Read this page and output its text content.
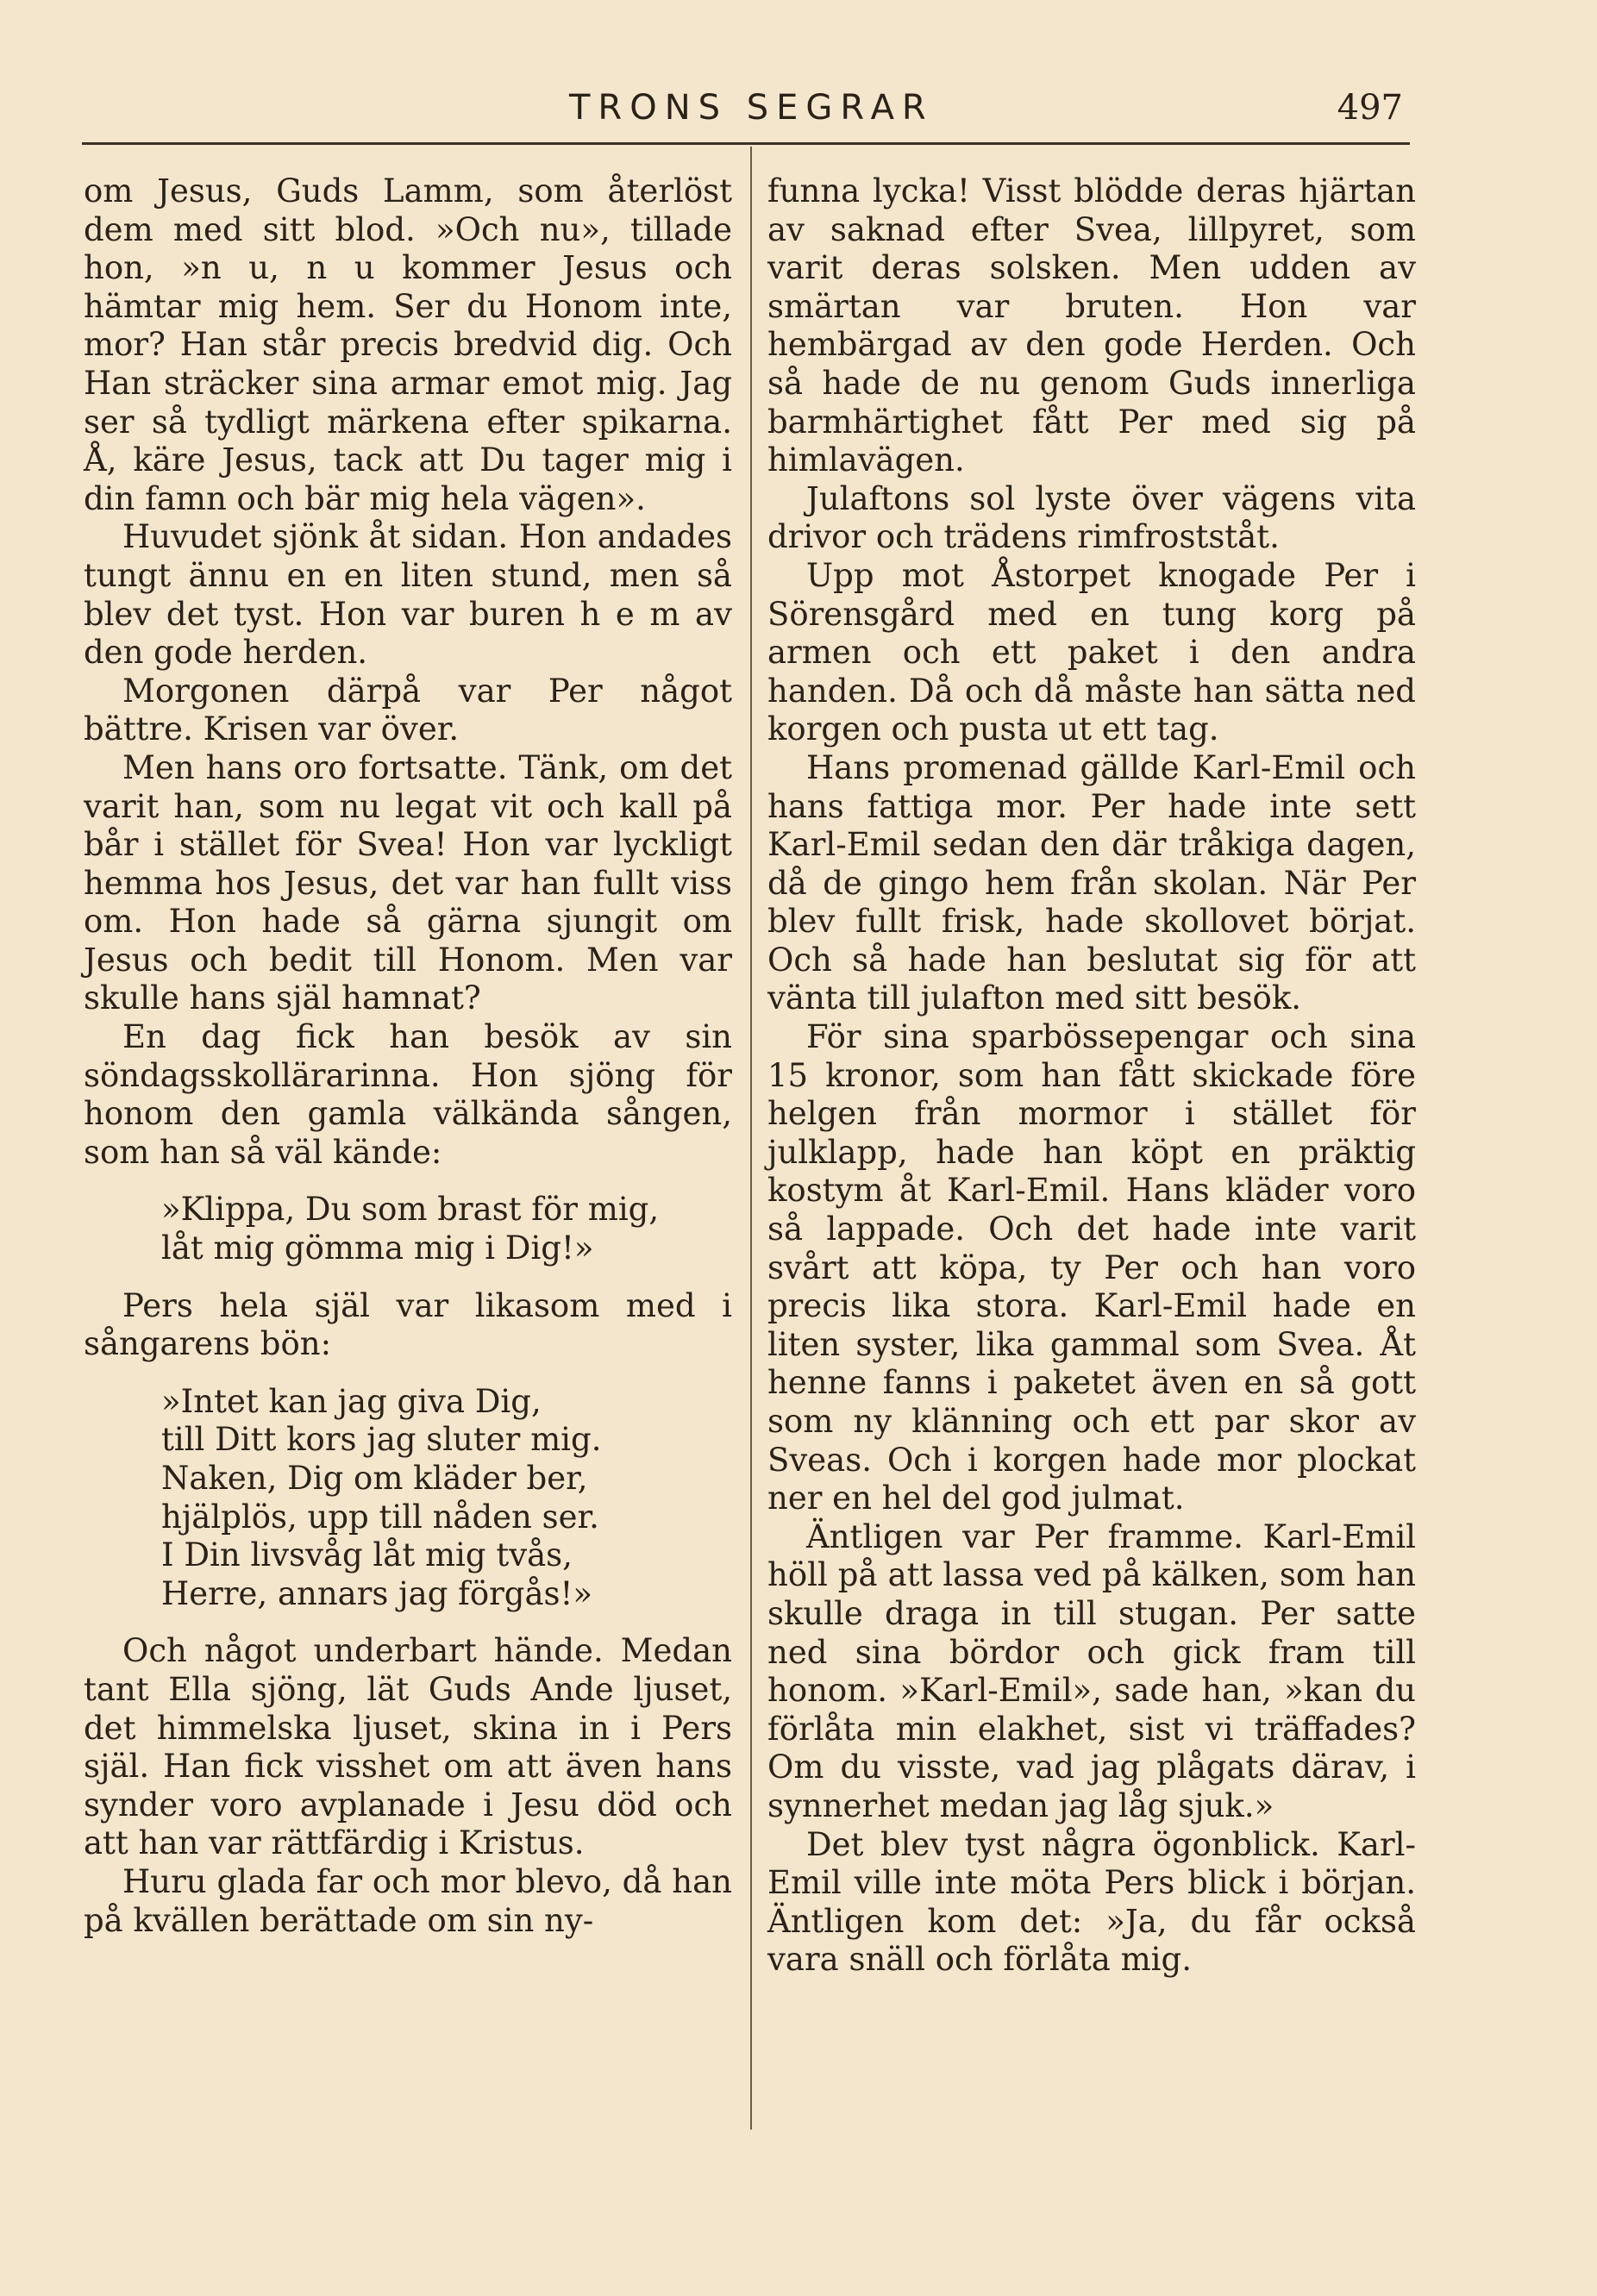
TRONS SEGRAR	497

om Jesus, Guds Lamm, som återlöst dem med sitt blod. »Och nu», tillade hon, »n u, n u kommer Jesus och hämtar mig hem. Ser du Honom inte, mor? Han står precis bredvid dig. Och Han sträcker sina armar emot mig. Jag ser så tydligt märkena efter spikarna. Å, käre Jesus, tack att Du tager mig i din famn och bär mig hela vägen».

Huvudet sjönk åt sidan. Hon andades tungt ännu en en liten stund, men så blev det tyst. Hon var buren h e m av den gode herden.

Morgonen därpå var Per något bättre. Krisen var över.

Men hans oro fortsatte. Tänk, om det varit han, som nu legat vit och kall på bår i stället för Svea! Hon var lyckligt hemma hos Jesus, det var han fullt viss om. Hon hade så gärna sjungit om Jesus och bedit till Honom. Men var skulle hans själ hamnat?

En dag fick han besök av sin söndagsskollärarinna. Hon sjöng för honom den gamla välkända sången, som han så väl kände:

»Klippa, Du som brast för mig,
låt mig gömma mig i Dig!»

Pers hela själ var likasom med i sångarens bön:

»Intet kan jag giva Dig,
till Ditt kors jag sluter mig.
Naken, Dig om kläder ber,
hjälplös, upp till nåden ser.
I Din livsvåg låt mig tvås,
Herre, annars jag förgås!»

Och något underbart hände. Medan tant Ella sjöng, lät Guds Ande ljuset, det himmelska ljuset, skina in i Pers själ. Han fick visshet om att även hans synder voro avplanade i Jesu död och att han var rättfärdig i Kristus.

Huru glada far och mor blevo, då han på kvällen berättade om sin ny-

funna lycka! Visst blödde deras hjärtan av saknad efter Svea, lillpyret, som varit deras solsken. Men udden av smärtan var bruten. Hon var hembärgad av den gode Herden. Och så hade de nu genom Guds innerliga barmhärtighet fått Per med sig på himlavägen.

Julaftons sol lyste över vägens vita drivor och trädens rimfrostståt.

Upp mot Åstorpet knogade Per i Sörensgård med en tung korg på armen och ett paket i den andra handen. Då och då måste han sätta ned korgen och pusta ut ett tag.

Hans promenad gällde Karl-Emil och hans fattiga mor. Per hade inte sett Karl-Emil sedan den där tråkiga dagen, då de gingo hem från skolan. När Per blev fullt frisk, hade skollovet börjat. Och så hade han beslutat sig för att vänta till julafton med sitt besök.

För sina sparbössepengar och sina 15 kronor, som han fått skickade före helgen från mormor i stället för julklapp, hade han köpt en präktig kostym åt Karl-Emil. Hans kläder voro så lappade. Och det hade inte varit svårt att köpa, ty Per och han voro precis lika stora. Karl-Emil hade en liten syster, lika gammal som Svea. Åt henne fanns i paketet även en så gott som ny klänning och ett par skor av Sveas. Och i korgen hade mor plockat ner en hel del god julmat.

Äntligen var Per framme. Karl-Emil höll på att lassa ved på kälken, som han skulle draga in till stugan. Per satte ned sina bördor och gick fram till honom. »Karl-Emil», sade han, »kan du förlåta min elakhet, sist vi träffades? Om du visste, vad jag plågats därav, i synnerhet medan jag låg sjuk.»

Det blev tyst några ögonblick. Karl-Emil ville inte möta Pers blick i början. Äntligen kom det: »Ja, du får också vara snäll och förlåta mig.
